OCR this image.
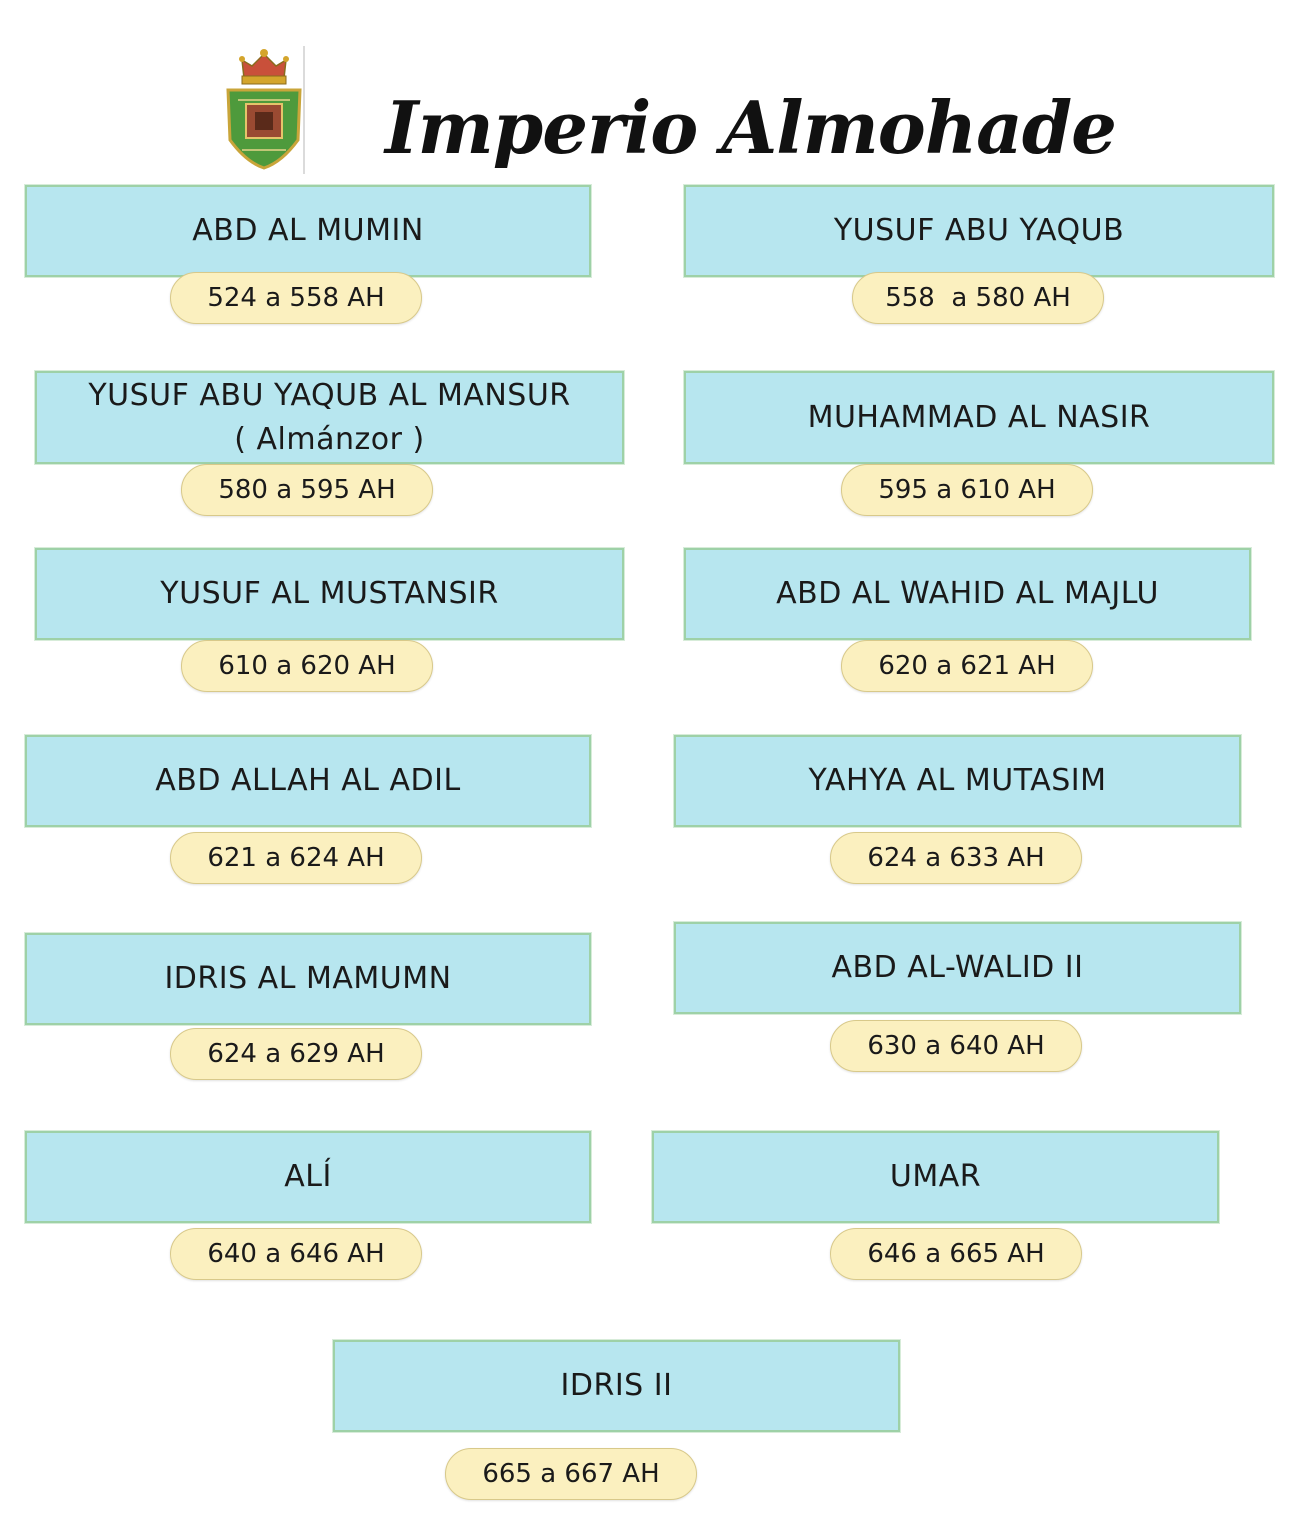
Imperio Almohade
ABD AL MUMIN
524 a 558 AH
YUSUF ABU YAQUB
558  a 580 AH
YUSUF ABU YAQUB AL MANSUR
( Almánzor )
580 a 595 AH
MUHAMMAD AL NASIR
595 a 610 AH
YUSUF AL MUSTANSIR
610 a 620 AH
ABD AL WAHID AL MAJLU
620 a 621 AH
ABD ALLAH AL ADIL
621 a 624 AH
YAHYA AL MUTASIM
624 a 633 AH
IDRIS AL MAMUMN
624 a 629 AH
ABD AL-WALID II
630 a 640 AH
ALÍ
640 a 646 AH
UMAR
646 a 665 AH
IDRIS II
665 a 667 AH
